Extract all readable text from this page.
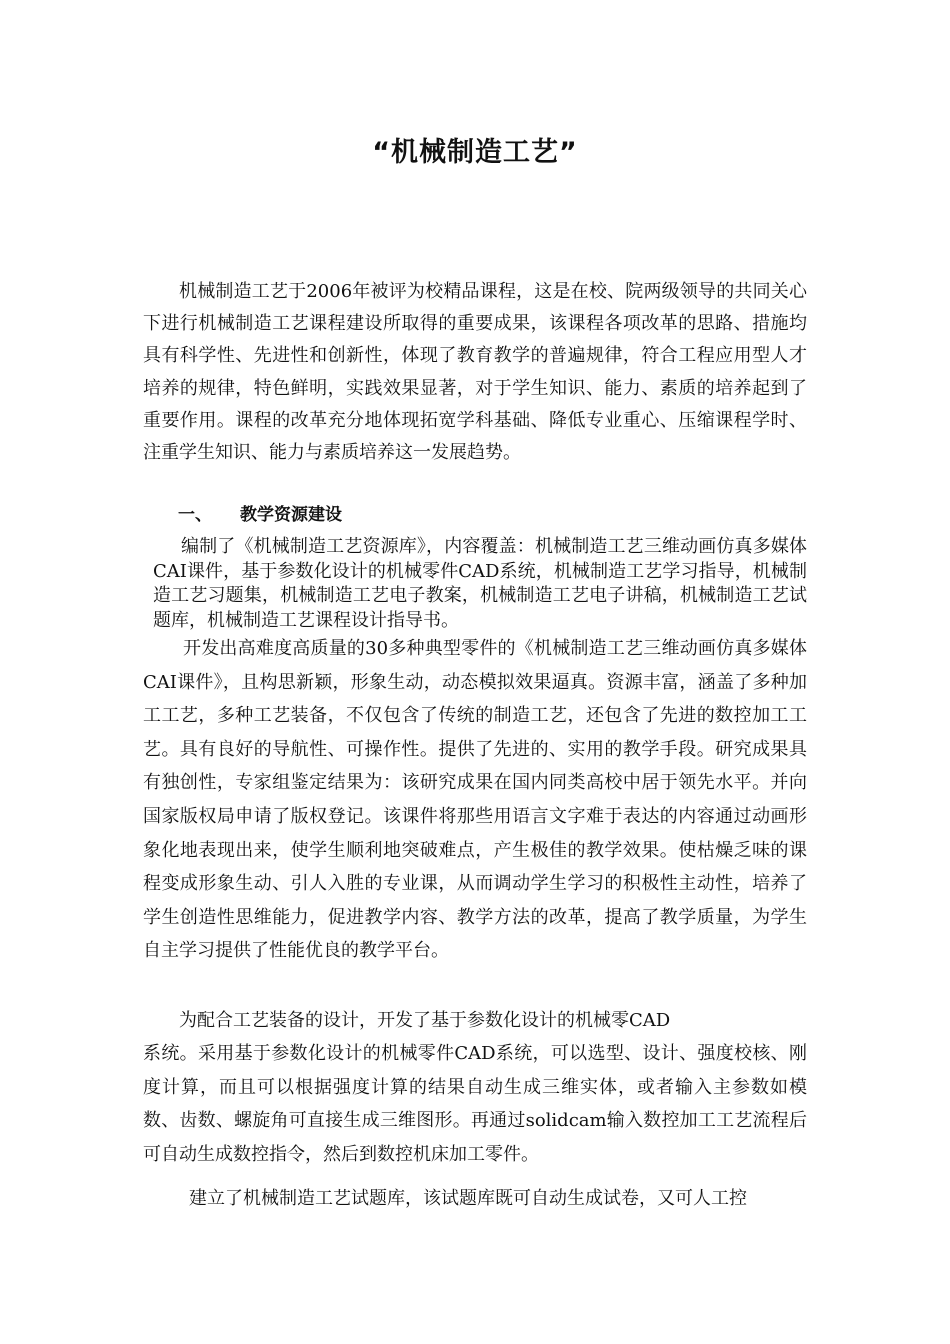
“机械制造工艺”
机械制造工艺于2006年被评为校精品课程，这是在校、院两级领导的共同关心下进行机械制造工艺课程建设所取得的重要成果，该课程各项改革的思路、措施均具有科学性、先进性和创新性，体现了教育教学的普遍规律，符合工程应用型人才培养的规律，特色鲜明，实践效果显著，对于学生知识、能力、素质的培养起到了重要作用。课程的改革充分地体现拓宽学科基础、降低专业重心、压缩课程学时、注重学生知识、能力与素质培养这一发展趋势。
一、 教学资源建设
编制了《机械制造工艺资源库》，内容覆盖：机械制造工艺三维动画仿真多媒体CAI课件，基于参数化设计的机械零件CAD系统，机械制造工艺学习指导，机械制造工艺习题集，机械制造工艺电子教案，机械制造工艺电子讲稿，机械制造工艺试题库，机械制造工艺课程设计指导书。
开发出高难度高质量的30多种典型零件的《机械制造工艺三维动画仿真多媒体CAI课件》，且构思新颖，形象生动，动态模拟效果逼真。资源丰富，涵盖了多种加工工艺，多种工艺装备，不仅包含了传统的制造工艺，还包含了先进的数控加工工艺。具有良好的导航性、可操作性。提供了先进的、实用的教学手段。研究成果具有独创性，专家组鉴定结果为：该研究成果在国内同类高校中居于领先水平。并向国家版权局申请了版权登记。该课件将那些用语言文字难于表达的内容通过动画形象化地表现出来，使学生顺利地突破难点，产生极佳的教学效果。使枯燥乏味的课程变成形象生动、引人入胜的专业课，从而调动学生学习的积极性主动性，培养了学生创造性思维能力，促进教学内容、教学方法的改革，提高了教学质量，为学生自主学习提供了性能优良的教学平台。
为配合工艺装备的设计，开发了基于参数化设计的机械零CAD
系统。采用基于参数化设计的机械零件CAD系统，可以选型、设计、强度校核、刚度计算，而且可以根据强度计算的结果自动生成三维实体，或者输入主参数如模数、齿数、螺旋角可直接生成三维图形。再通过solidcam输入数控加工工艺流程后可自动生成数控指令，然后到数控机床加工零件。
建立了机械制造工艺试题库，该试题库既可自动生成试卷，又可人工控
